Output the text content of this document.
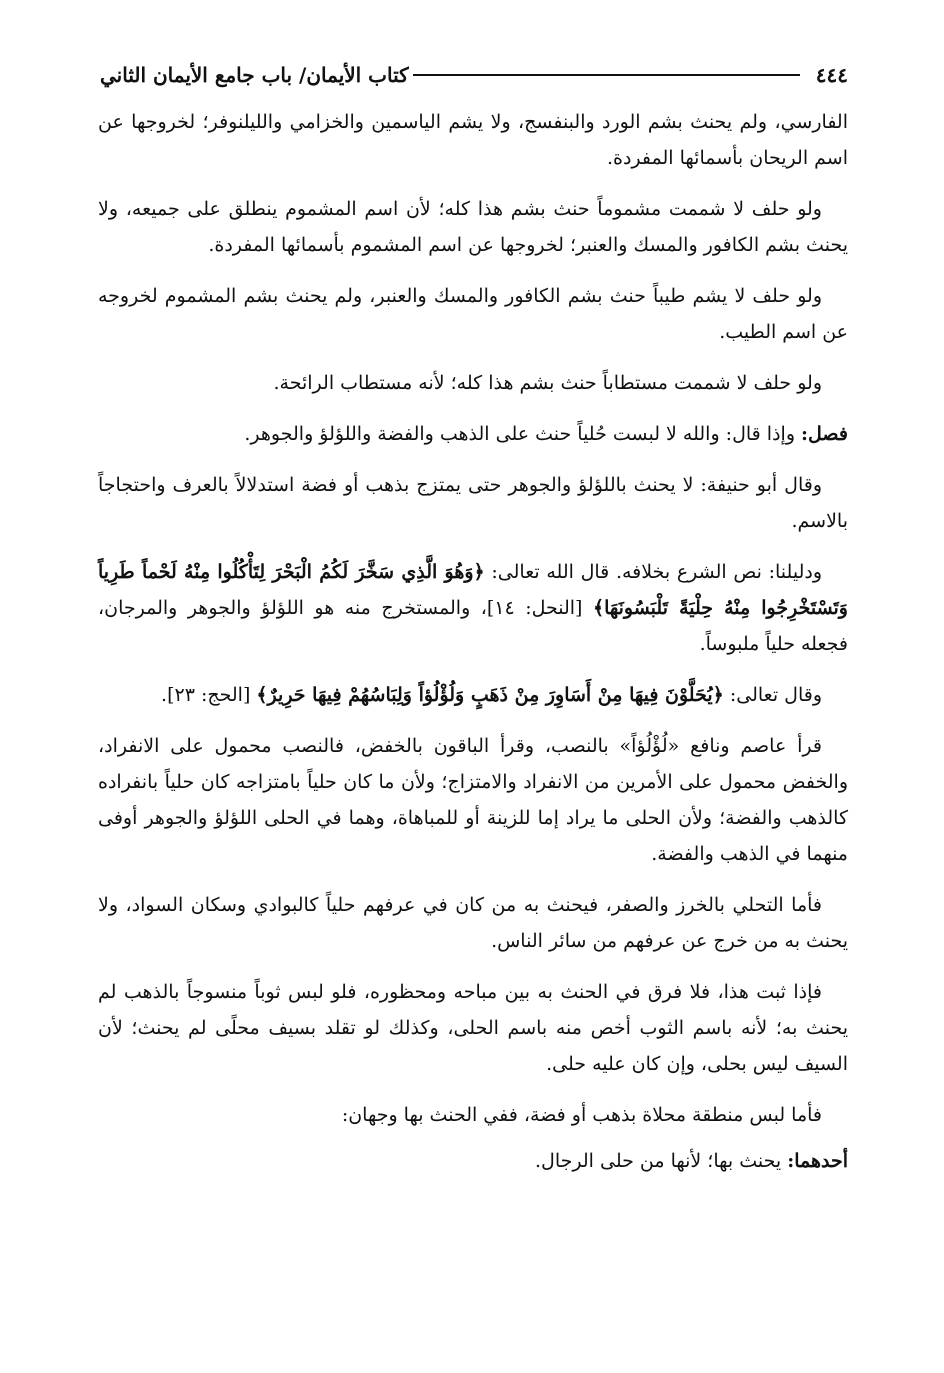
٤٤٤
كتاب الأيمان/ باب جامع الأيمان الثاني

الفارسي، ولم يحنث بشم الورد والبنفسج، ولا يشم الياسمين والخزامي والليلنوفر؛ لخروجها عن اسم الريحان بأسمائها المفردة.

ولو حلف لا شممت مشموماً حنث بشم هذا كله؛ لأن اسم المشموم ينطلق على جميعه، ولا يحنث بشم الكافور والمسك والعنبر؛ لخروجها عن اسم المشموم بأسمائها المفردة.

ولو حلف لا يشم طيباً حنث بشم الكافور والمسك والعنبر، ولم يحنث بشم المشموم لخروجه عن اسم الطيب.

ولو حلف لا شممت مستطاباً حنث بشم هذا كله؛ لأنه مستطاب الرائحة.

فصل: وإذا قال: والله لا لبست حُلياً حنث على الذهب والفضة واللؤلؤ والجوهر.

وقال أبو حنيفة: لا يحنث باللؤلؤ والجوهر حتى يمتزج بذهب أو فضة استدلالاً بالعرف واحتجاجاً بالاسم.

ودليلنا: نص الشرع بخلافه. قال الله تعالى: ﴿وَهُوَ الَّذِي سَخَّرَ لَكُمُ الْبَحْرَ لِتَأْكُلُوا مِنْهُ لَحْماً طَرِياً وَتَسْتَخْرِجُوا مِنْهُ حِلْيَةً تَلْبَسُونَهَا﴾ [النحل: ١٤]، والمستخرج منه هو اللؤلؤ والجوهر والمرجان، فجعله حلياً ملبوساً.

وقال تعالى: ﴿يُحَلَّوْنَ فِيهَا مِنْ أَسَاوِرَ مِنْ ذَهَبٍ وَلُؤْلُؤاً وَلِبَاسُهُمْ فِيهَا حَرِيرٌ﴾ [الحج: ٢٣].

قرأ عاصم ونافع «لُؤْلُؤاً» بالنصب، وقرأ الباقون بالخفض، فالنصب محمول على الانفراد، والخفض محمول على الأمرين من الانفراد والامتزاج؛ ولأن ما كان حلياً بامتزاجه كان حلياً بانفراده كالذهب والفضة؛ ولأن الحلى ما يراد إما للزينة أو للمباهاة، وهما في الحلى اللؤلؤ والجوهر أوفى منهما في الذهب والفضة.

فأما التحلي بالخرز والصفر، فيحنث به من كان في عرفهم حلياً كالبوادي وسكان السواد، ولا يحنث به من خرج عن عرفهم من سائر الناس.

فإذا ثبت هذا، فلا فرق في الحنث به بين مباحه ومحظوره، فلو لبس ثوباً منسوجاً بالذهب لم يحنث به؛ لأنه باسم الثوب أخص منه باسم الحلى، وكذلك لو تقلد بسيف محلًى لم يحنث؛ لأن السيف ليس بحلى، وإن كان عليه حلى.

فأما لبس منطقة محلاة بذهب أو فضة، ففي الحنث بها وجهان:

أحدهما: يحنث بها؛ لأنها من حلى الرجال.
